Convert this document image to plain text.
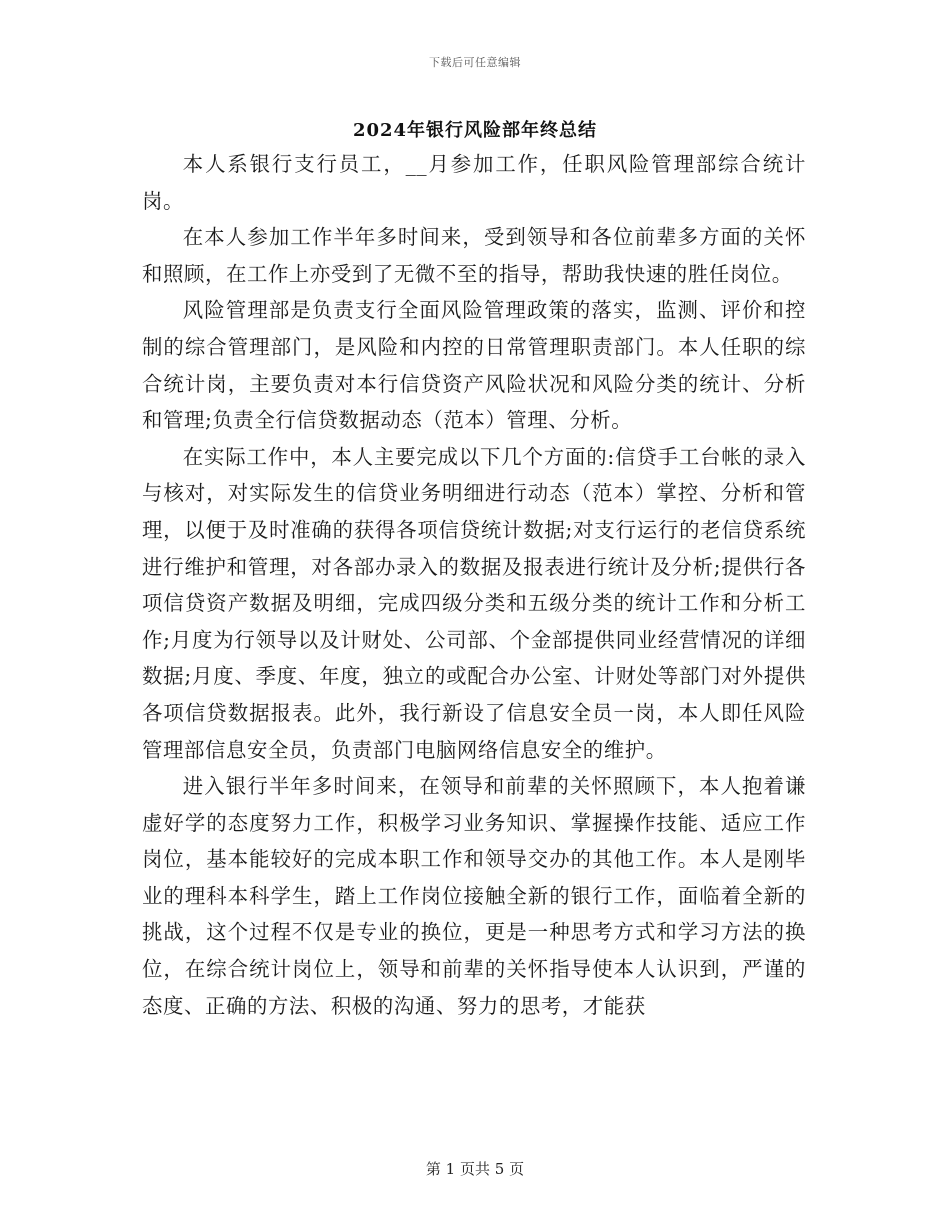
下载后可任意编辑
2024年银行风险部年终总结

本人系银行支行员工，__月参加工作，任职风险管理部综合统计岗。

在本人参加工作半年多时间来，受到领导和各位前辈多方面的关怀和照顾，在工作上亦受到了无微不至的指导，帮助我快速的胜任岗位。

风险管理部是负责支行全面风险管理政策的落实，监测、评价和控制的综合管理部门，是风险和内控的日常管理职责部门。本人任职的综合统计岗，主要负责对本行信贷资产风险状况和风险分类的统计、分析和管理;负责全行信贷数据动态（范本）管理、分析。

在实际工作中，本人主要完成以下几个方面的:信贷手工台帐的录入与核对，对实际发生的信贷业务明细进行动态（范本）掌控、分析和管理，以便于及时准确的获得各项信贷统计数据;对支行运行的老信贷系统进行维护和管理，对各部办录入的数据及报表进行统计及分析;提供行各项信贷资产数据及明细，完成四级分类和五级分类的统计工作和分析工作;月度为行领导以及计财处、公司部、个金部提供同业经营情况的详细数据;月度、季度、年度，独立的或配合办公室、计财处等部门对外提供各项信贷数据报表。此外，我行新设了信息安全员一岗，本人即任风险管理部信息安全员，负责部门电脑网络信息安全的维护。

进入银行半年多时间来，在领导和前辈的关怀照顾下，本人抱着谦虚好学的态度努力工作，积极学习业务知识、掌握操作技能、适应工作岗位，基本能较好的完成本职工作和领导交办的其他工作。本人是刚毕业的理科本科学生，踏上工作岗位接触全新的银行工作，面临着全新的挑战，这个过程不仅是专业的换位，更是一种思考方式和学习方法的换位，在综合统计岗位上，领导和前辈的关怀指导使本人认识到，严谨的态度、正确的方法、积极的沟通、努力的思考，才能获

第 1 页共 5 页
